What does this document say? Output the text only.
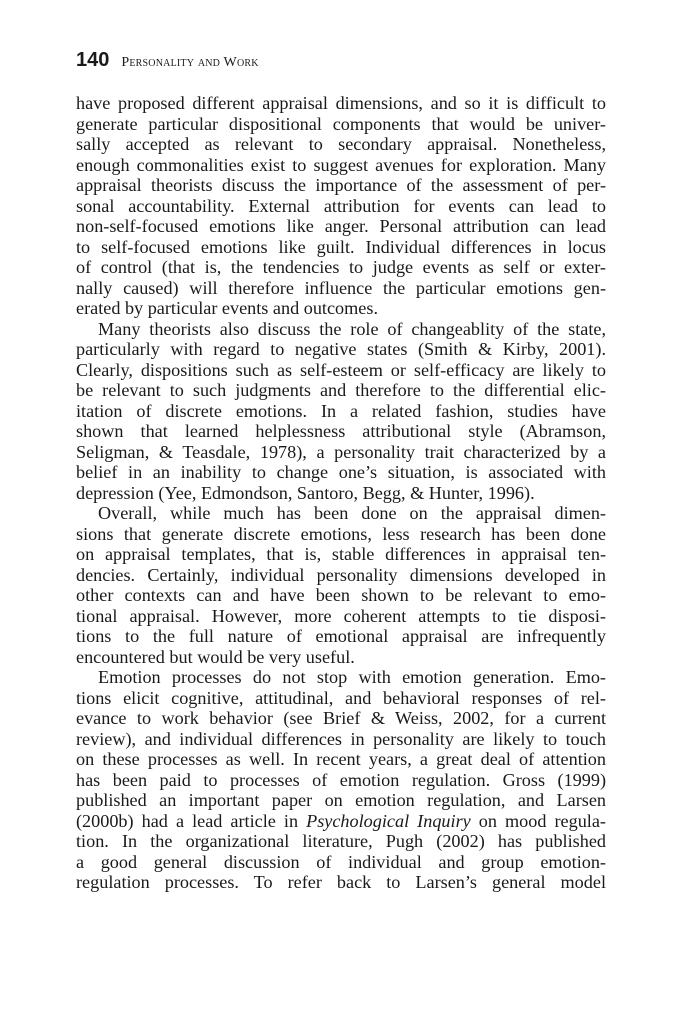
140 Personality and Work
have proposed different appraisal dimensions, and so it is difficult to
generate particular dispositional components that would be univer-
sally accepted as relevant to secondary appraisal. Nonetheless,
enough commonalities exist to suggest avenues for exploration. Many
appraisal theorists discuss the importance of the assessment of per-
sonal accountability. External attribution for events can lead to
non-self-focused emotions like anger. Personal attribution can lead
to self-focused emotions like guilt. Individual differences in locus
of control (that is, the tendencies to judge events as self or exter-
nally caused) will therefore influence the particular emotions gen-
erated by particular events and outcomes.
Many theorists also discuss the role of changeablity of the state,
particularly with regard to negative states (Smith & Kirby, 2001).
Clearly, dispositions such as self-esteem or self-efficacy are likely to
be relevant to such judgments and therefore to the differential elic-
itation of discrete emotions. In a related fashion, studies have
shown that learned helplessness attributional style (Abramson,
Seligman, & Teasdale, 1978), a personality trait characterized by a
belief in an inability to change one’s situation, is associated with
depression (Yee, Edmondson, Santoro, Begg, & Hunter, 1996).
Overall, while much has been done on the appraisal dimen-
sions that generate discrete emotions, less research has been done
on appraisal templates, that is, stable differences in appraisal ten-
dencies. Certainly, individual personality dimensions developed in
other contexts can and have been shown to be relevant to emo-
tional appraisal. However, more coherent attempts to tie disposi-
tions to the full nature of emotional appraisal are infrequently
encountered but would be very useful.
Emotion processes do not stop with emotion generation. Emo-
tions elicit cognitive, attitudinal, and behavioral responses of rel-
evance to work behavior (see Brief & Weiss, 2002, for a current
review), and individual differences in personality are likely to touch
on these processes as well. In recent years, a great deal of attention
has been paid to processes of emotion regulation. Gross (1999)
published an important paper on emotion regulation, and Larsen
(2000b) had a lead article in Psychological Inquiry on mood regula-
tion. In the organizational literature, Pugh (2002) has published
a good general discussion of individual and group emotion-
regulation processes. To refer back to Larsen’s general model
